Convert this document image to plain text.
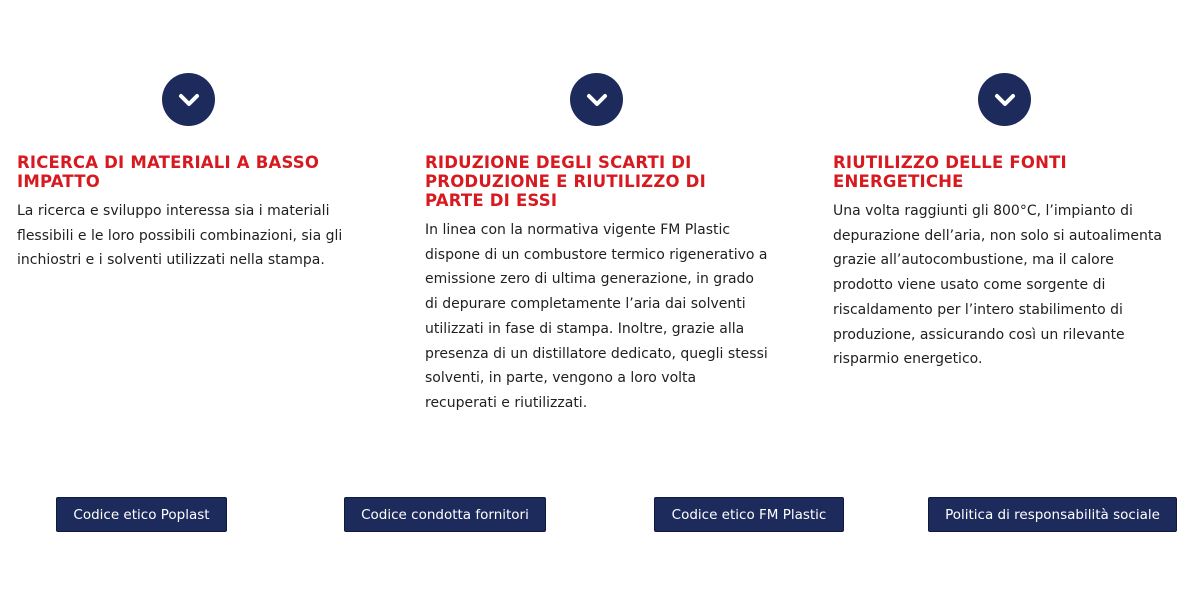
RICERCA DI MATERIALI A BASSO IMPATTO

La ricerca e sviluppo interessa sia i materiali flessibili e le loro possibili combinazioni, sia gli inchiostri e i solventi utilizzati nella stampa.

RIDUZIONE DEGLI SCARTI DI PRODUZIONE E RIUTILIZZO DI PARTE DI ESSI

In linea con la normativa vigente FM Plastic dispone di un combustore termico rigenerativo a emissione zero di ultima generazione, in grado di depurare completamente l’aria dai solventi utilizzati in fase di stampa. Inoltre, grazie alla presenza di un distillatore dedicato, quegli stessi solventi, in parte, vengono a loro volta recuperati e riutilizzati.

RIUTILIZZO DELLE FONTI ENERGETICHE

Una volta raggiunti gli 800°C, l’impianto di depurazione dell’aria, non solo si autoalimenta grazie all’autocombustione, ma il calore prodotto viene usato come sorgente di riscaldamento per l’intero stabilimento di produzione, assicurando così un rilevante risparmio energetico.

Codice etico Poplast	Codice condotta fornitori	Codice etico FM Plastic	Politica di responsabilità sociale
